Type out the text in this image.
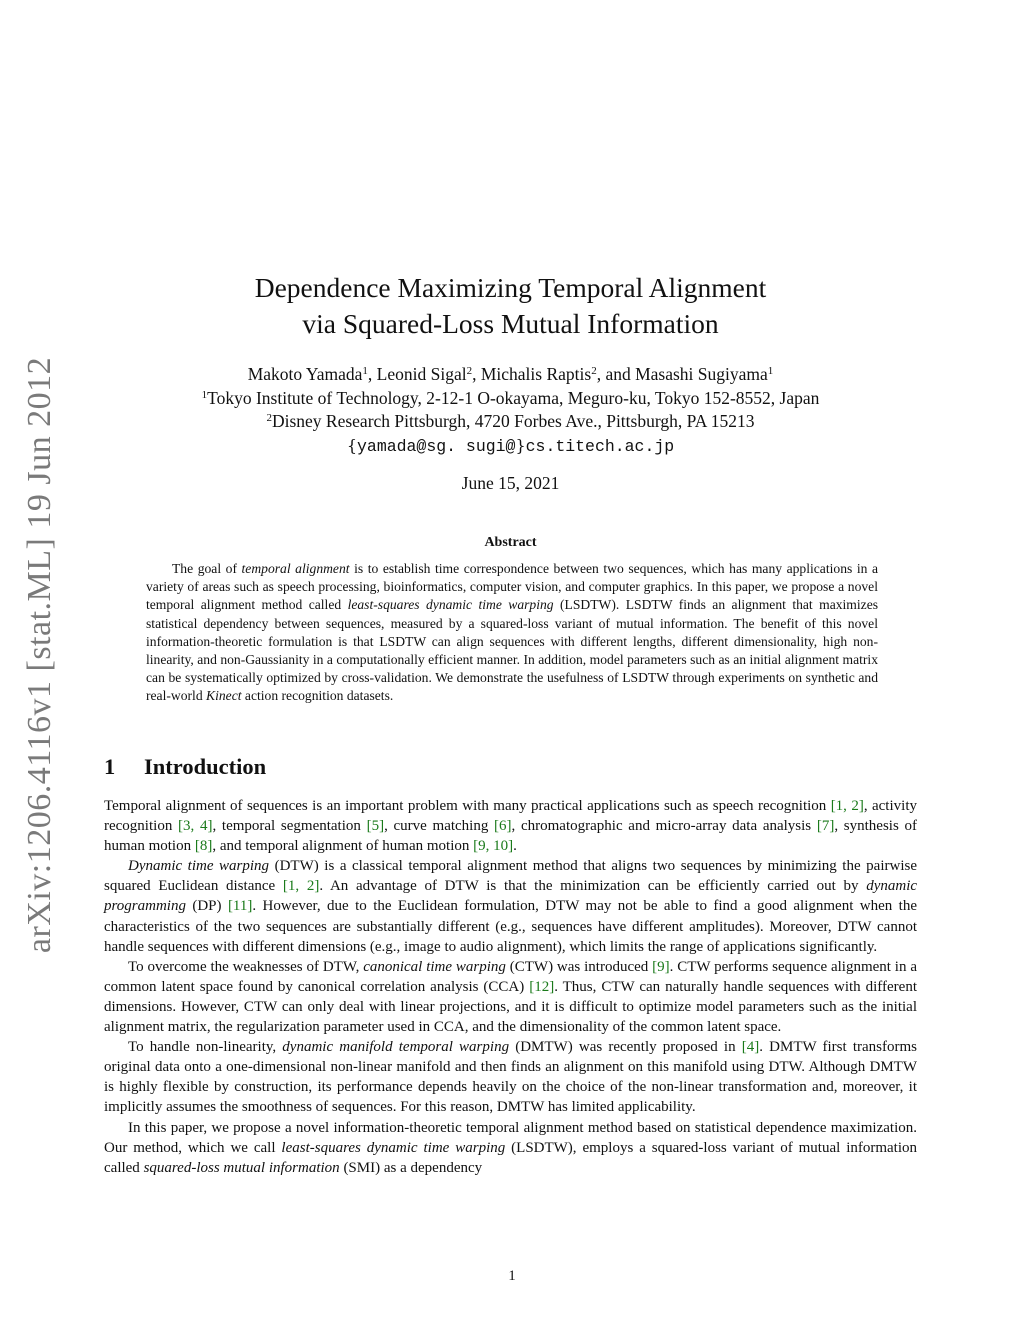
arXiv:1206.4116v1 [stat.ML] 19 Jun 2012
Dependence Maximizing Temporal Alignment
via Squared-Loss Mutual Information
Makoto Yamada$^1$, Leonid Sigal$^2$, Michalis Raptis$^2$, and Masashi Sugiyama$^1$
$^1$Tokyo Institute of Technology, 2-12-1 O-okayama, Meguro-ku, Tokyo 152-8552, Japan
$^2$Disney Research Pittsburgh, 4720 Forbes Ave., Pittsburgh, PA 15213
{yamada@sg. sugi@}cs.titech.ac.jp
June 15, 2021
Abstract

The goal of temporal alignment is to establish time correspondence between two sequences, which has many applications in a variety of areas such as speech processing, bioinformatics, computer vision, and computer graphics. In this paper, we propose a novel temporal alignment method called least-squares dynamic time warping (LSDTW). LSDTW finds an alignment that maximizes statistical dependency between sequences, measured by a squared-loss variant of mutual information. The benefit of this novel information-theoretic formulation is that LSDTW can align sequences with different lengths, different dimensionality, high non-linearity, and non-Gaussianity in a computationally efficient manner. In addition, model parameters such as an initial alignment matrix can be systematically optimized by cross-validation. We demonstrate the usefulness of LSDTW through experiments on synthetic and real-world Kinect action recognition datasets.

1 Introduction

Temporal alignment of sequences is an important problem with many practical applications such as speech recognition [1, 2], activity recognition [3, 4], temporal segmentation [5], curve matching [6], chromatographic and micro-array data analysis [7], synthesis of human motion [8], and temporal alignment of human motion [9, 10].

Dynamic time warping (DTW) is a classical temporal alignment method that aligns two sequences by minimizing the pairwise squared Euclidean distance [1, 2]. An advantage of DTW is that the minimization can be efficiently carried out by dynamic programming (DP) [11]. However, due to the Euclidean formulation, DTW may not be able to find a good alignment when the characteristics of the two sequences are substantially different (e.g., sequences have different amplitudes). Moreover, DTW cannot handle sequences with different dimensions (e.g., image to audio alignment), which limits the range of applications significantly.

To overcome the weaknesses of DTW, canonical time warping (CTW) was introduced [9]. CTW performs sequence alignment in a common latent space found by canonical correlation analysis (CCA) [12]. Thus, CTW can naturally handle sequences with different dimensions. However, CTW can only deal with linear projections, and it is difficult to optimize model parameters such as the initial alignment matrix, the regularization parameter used in CCA, and the dimensionality of the common latent space.

To handle non-linearity, dynamic manifold temporal warping (DMTW) was recently proposed in [4]. DMTW first transforms original data onto a one-dimensional non-linear manifold and then finds an alignment on this manifold using DTW. Although DMTW is highly flexible by construction, its performance depends heavily on the choice of the non-linear transformation and, moreover, it implicitly assumes the smoothness of sequences. For this reason, DMTW has limited applicability.

In this paper, we propose a novel information-theoretic temporal alignment method based on statistical dependence maximization. Our method, which we call least-squares dynamic time warping (LSDTW), employs a squared-loss variant of mutual information called squared-loss mutual information (SMI) as a dependency

1
